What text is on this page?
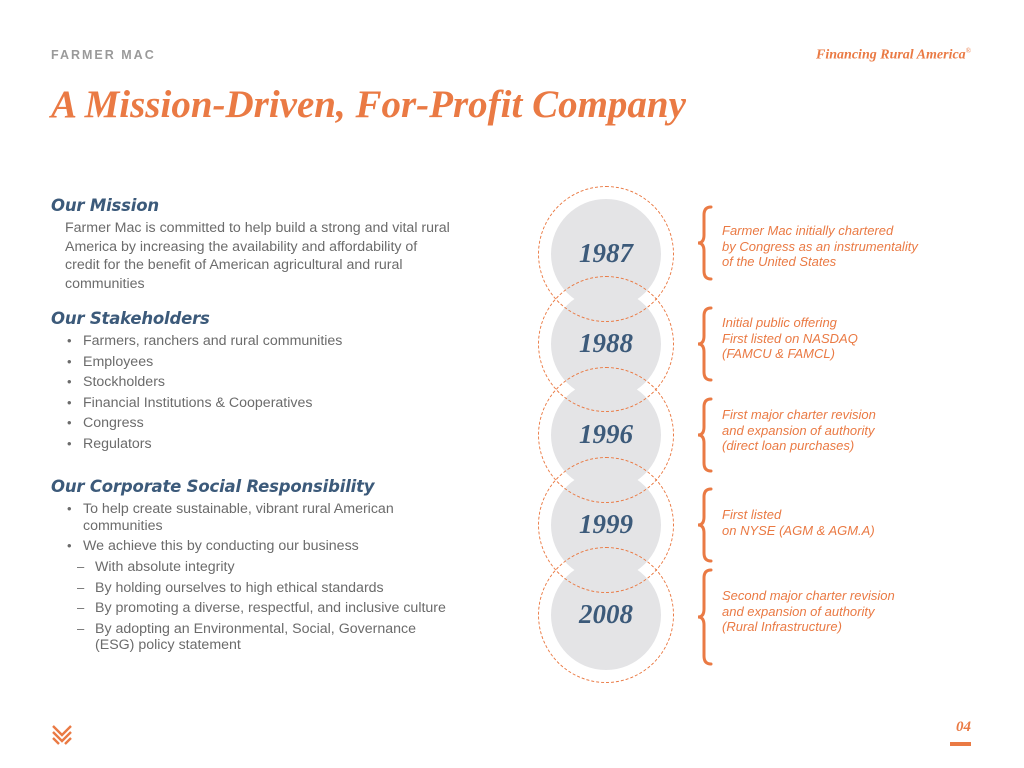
FARMER MAC	Financing Rural America®
A Mission-Driven, For-Profit Company
Our Mission
Farmer Mac is committed to help build a strong and vital rural
America by increasing the availability and affordability of
credit for the benefit of American agricultural and rural
communities
Our Stakeholders
• Farmers, ranchers and rural communities
• Employees
• Stockholders
• Financial Institutions & Cooperatives
• Congress
• Regulators
Our Corporate Social Responsibility
• To help create sustainable, vibrant rural American
communities
• We achieve this by conducting our business
– With absolute integrity
– By holding ourselves to high ethical standards
– By promoting a diverse, respectful, and inclusive culture
– By adopting an Environmental, Social, Governance
(ESG) policy statement
1987
1988
1996
1999
2008
Farmer Mac initially chartered
by Congress as an instrumentality
of the United States
Initial public offering
First listed on NASDAQ
(FAMCU & FAMCL)
First major charter revision
and expansion of authority
(direct loan purchases)
First listed
on NYSE (AGM & AGM.A)
Second major charter revision
and expansion of authority
(Rural Infrastructure)
04
